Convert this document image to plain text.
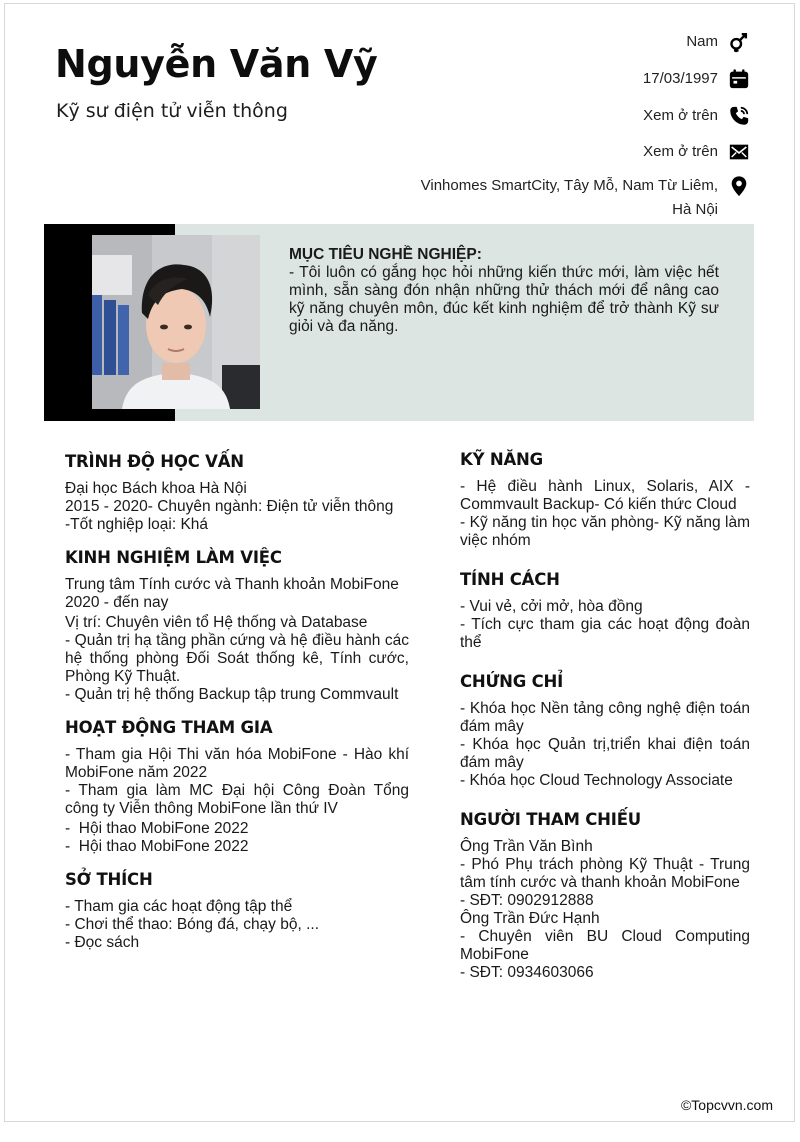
Nguyễn Văn Vỹ
Kỹ sư điện tử viễn thông
Nam
17/03/1997
Xem ở trên
Xem ở trên
Vinhomes SmartCity, Tây Mỗ, Nam Từ Liêm,
Hà Nội
MỤC TIÊU NGHỀ NGHIỆP:
- Tôi luôn có gắng học hỏi những kiến thức mới, làm việc hết mình, sẵn sàng đón nhận những thử thách mới để nâng cao kỹ năng chuyên môn, đúc kết kinh nghiệm để trở thành Kỹ sư giỏi và đa năng.
TRÌNH ĐỘ HỌC VẤN

Đại học Bách khoa Hà Nội

2015 - 2020- Chuyên ngành: Điện tử viễn thông

-Tốt nghiệp loại: Khá

KINH NGHIỆM LÀM VIỆC

Trung tâm Tính cước và Thanh khoản MobiFone

2020 - đến nay

Vị trí: Chuyên viên tổ Hệ thống và Database

- Quản trị hạ tầng phần cứng và hệ điều hành các hệ thống phòng Đối Soát thống kê, Tính cước, Phòng Kỹ Thuật.

- Quản trị hệ thống Backup tập trung Commvault

HOẠT ĐỘNG THAM GIA

- Tham gia Hội Thi văn hóa MobiFone - Hào khí MobiFone năm 2022

- Tham gia làm MC Đại hội Công Đoàn Tổng công ty Viễn thông MobiFone lần thứ IV

-  Hội thao MobiFone 2022

-  Hội thao MobiFone 2022

SỞ THÍCH

- Tham gia các hoạt động tập thể

- Chơi thể thao: Bóng đá, chạy bộ, ...

- Đọc sách

KỸ NĂNG

- Hệ điều hành Linux, Solaris, AIX - Commvault Backup- Có kiến thức Cloud

- Kỹ năng tin học văn phòng- Kỹ năng làm việc nhóm

TÍNH CÁCH

- Vui vẻ, cởi mở, hòa đồng

- Tích cực tham gia các hoạt động đoàn thể

CHỨNG CHỈ

- Khóa học Nền tảng công nghệ điện toán đám mây

- Khóa học Quản trị,triển khai điện toán đám mây

- Khóa học Cloud Technology Associate

NGƯỜI THAM CHIẾU

Ông Trần Văn Bình

- Phó Phụ trách phòng Kỹ Thuật - Trung tâm tính cước và thanh khoản MobiFone

- SĐT: 0902912888

Ông Trần Đức Hạnh

- Chuyên viên BU Cloud Computing MobiFone

- SĐT: 0934603066

©Topcvvn.com
